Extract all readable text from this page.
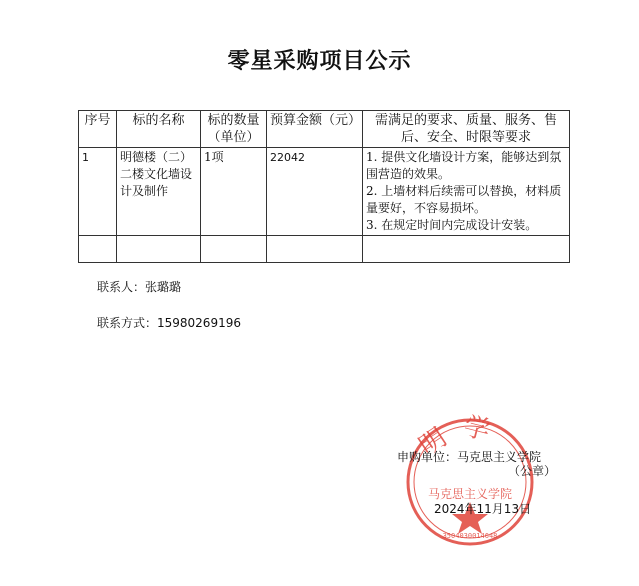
零星采购项目公示
序号	标的名称	标的数量（单位）	预算金额（元）	需满足的要求、质量、服务、售后、安全、时限等要求
1	明德楼（二）二楼文化墙设计及制作	1项	22042	1. 提供文化墙设计方案，能够达到氛围营造的效果。
2. 上墙材料后续需可以替换，材料质量要好，不容易损坏。
3. 在规定时间内完成设计安装。

联系人：张璐璐
联系方式：15980269196
明学
马克思主义学院
3504030014648
申购单位：马克思主义学院
（公章）
2024年11月13日
